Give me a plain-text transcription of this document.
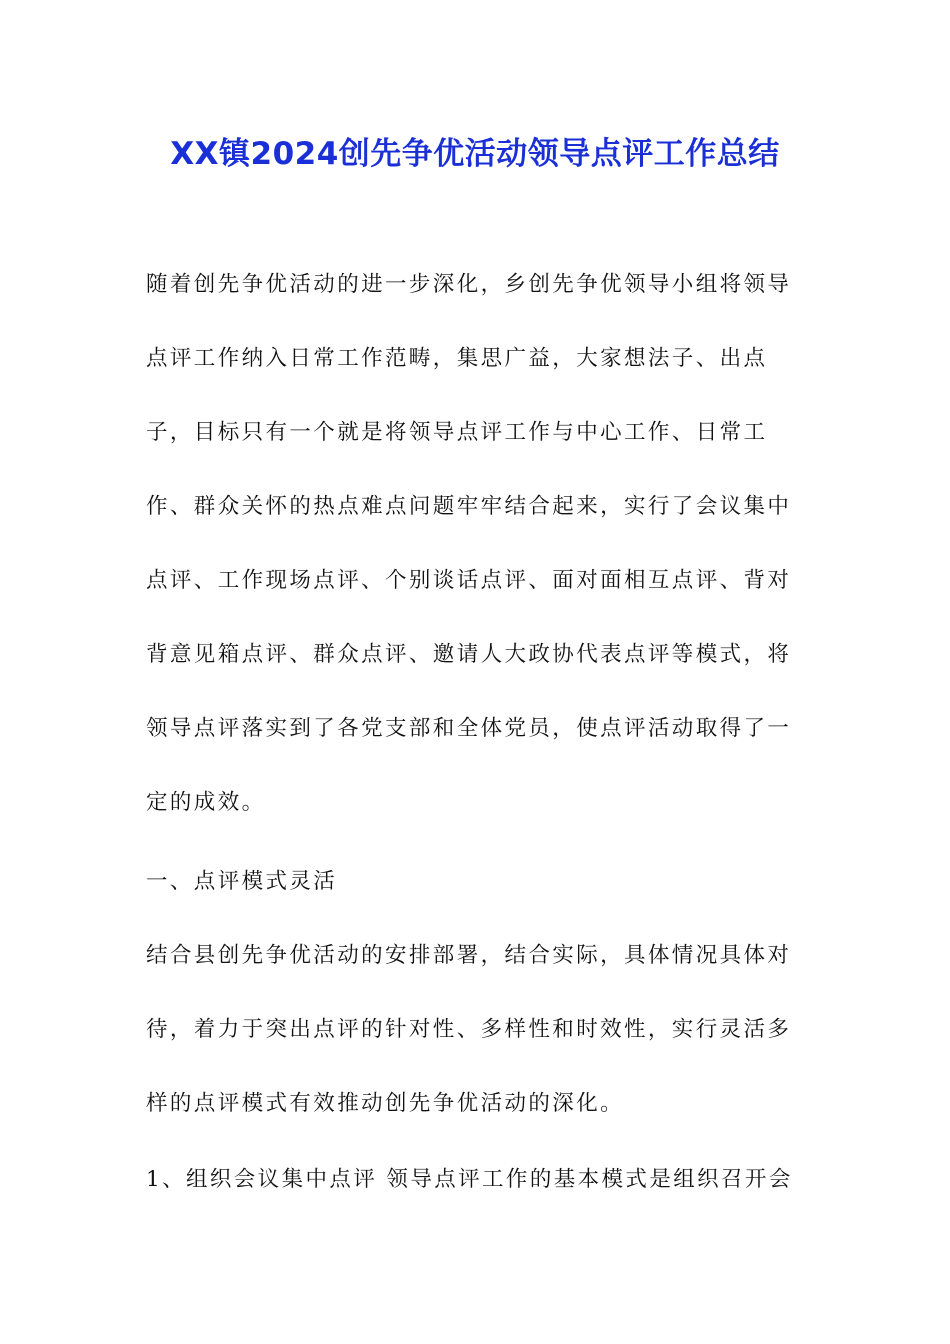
XX镇2024创先争优活动领导点评工作总结

随着创先争优活动的进一步深化，乡创先争优领导小组将领导点评工作纳入日常工作范畴，集思广益，大家想法子、出点子，目标只有一个就是将领导点评工作与中心工作、日常工作、群众关怀的热点难点问题牢牢结合起来，实行了会议集中点评、工作现场点评、个别谈话点评、面对面相互点评、背对背意见箱点评、群众点评、邀请人大政协代表点评等模式，将领导点评落实到了各党支部和全体党员，使点评活动取得了一定的成效。

一、点评模式灵活

结合县创先争优活动的安排部署，结合实际，具体情况具体对待，着力于突出点评的针对性、多样性和时效性，实行灵活多样的点评模式有效推动创先争优活动的深化。

1、组织会议集中点评 领导点评工作的基本模式是组织召开会
